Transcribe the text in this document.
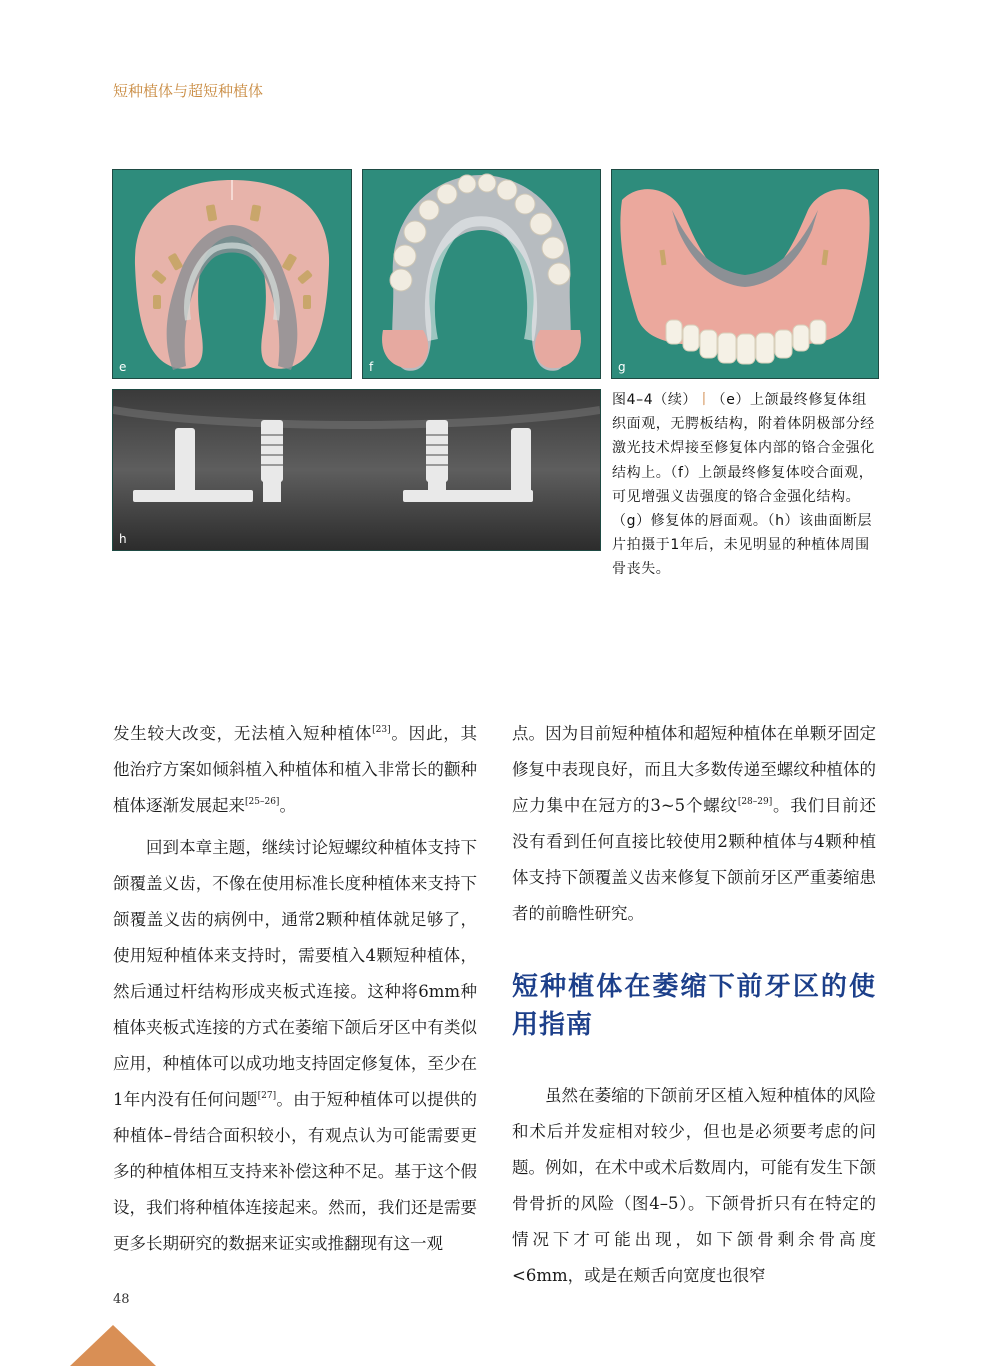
短种植体与超短种植体
e	f	g
h
图4–4（续）丨（e）上颌最终修复体组织面观，无腭板结构，附着体阴极部分经激光技术焊接至修复体内部的铬合金强化结构上。（f）上颌最终修复体咬合面观，可见增强义齿强度的铬合金强化结构。（g）修复体的唇面观。（h）该曲面断层片拍摄于1年后，未见明显的种植体周围骨丧失。

发生较大改变，无法植入短种植体[23]。因此，其他治疗方案如倾斜植入种植体和植入非常长的颧种植体逐渐发展起来[25–26]。

回到本章主题，继续讨论短螺纹种植体支持下颌覆盖义齿，不像在使用标准长度种植体来支持下颌覆盖义齿的病例中，通常2颗种植体就足够了，使用短种植体来支持时，需要植入4颗短种植体，然后通过杆结构形成夹板式连接。这种将6mm种植体夹板式连接的方式在萎缩下颌后牙区中有类似应用，种植体可以成功地支持固定修复体，至少在1年内没有任何问题[27]。由于短种植体可以提供的种植体–骨结合面积较小，有观点认为可能需要更多的种植体相互支持来补偿这种不足。基于这个假设，我们将种植体连接起来。然而，我们还是需要更多长期研究的数据来证实或推翻现有这一观

点。因为目前短种植体和超短种植体在单颗牙固定修复中表现良好，而且大多数传递至螺纹种植体的应力集中在冠方的3~5个螺纹[28–29]。我们目前还没有看到任何直接比较使用2颗种植体与4颗种植体支持下颌覆盖义齿来修复下颌前牙区严重萎缩患者的前瞻性研究。

短种植体在萎缩下前牙区的使用指南

虽然在萎缩的下颌前牙区植入短种植体的风险和术后并发症相对较少，但也是必须要考虑的问题。例如，在术中或术后数周内，可能有发生下颌骨骨折的风险（图4–5）。下颌骨折只有在特定的情况下才可能出现，如下颌骨剩余骨高度<6mm，或是在颊舌向宽度也很窄

48
